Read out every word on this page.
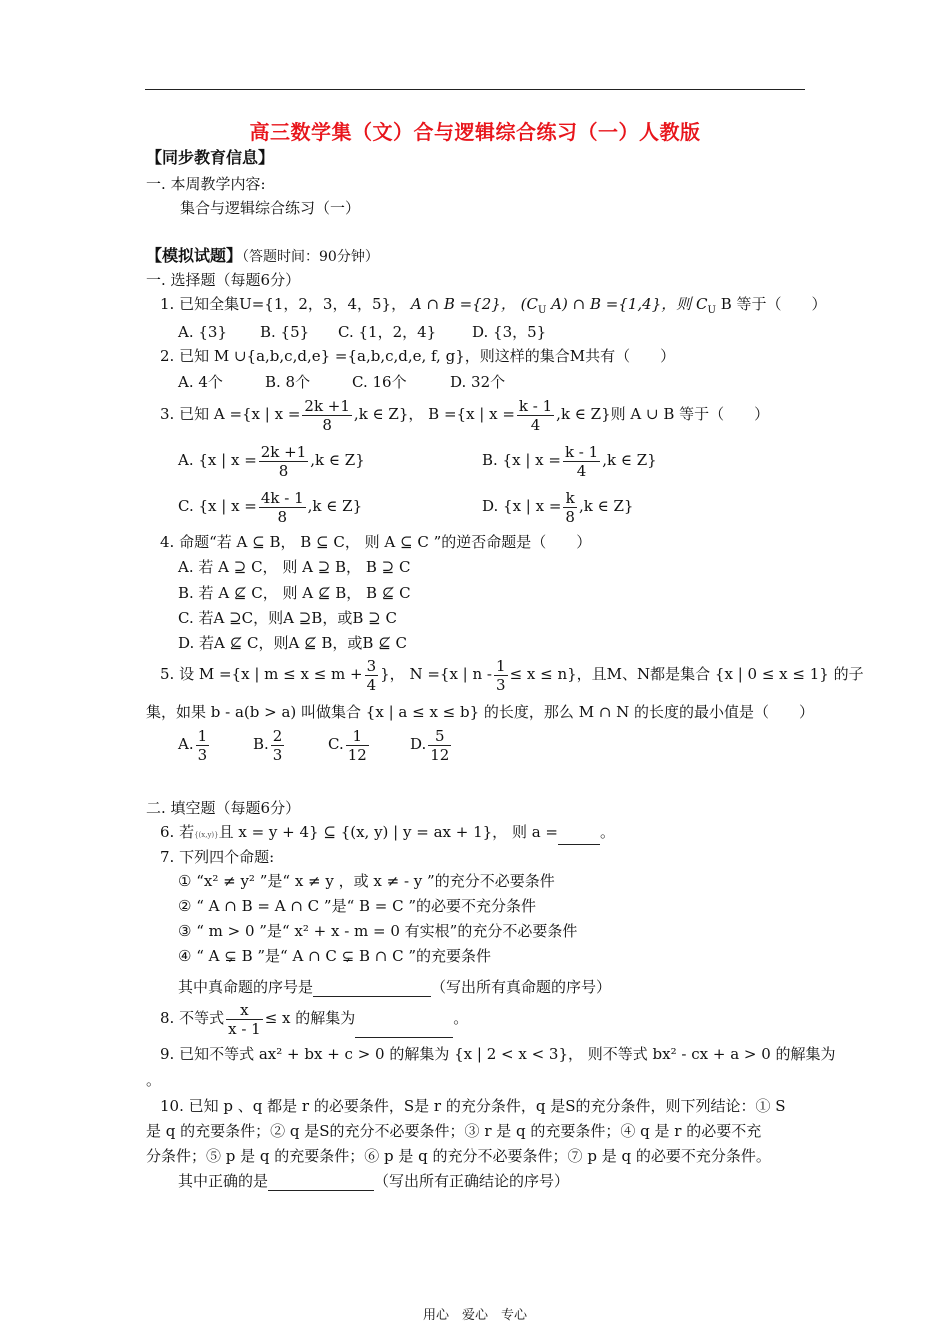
高三数学集（文）合与逻辑综合练习（一）人教版
【同步教育信息】
一. 本周教学内容:
集合与逻辑综合练习（一）
【模拟试题】（答题时间：90分钟）
一. 选择题（每题6分）
1. 已知全集U={1，2，3，4，5}， A ∩ B ={2}， ($C_U$ A) ∩ B ={1,4}，则 $C_U$ B 等于（　　）
A. {3} B. {5} C. {1，2，4} D. {3，5}
2. 已知 M ∪{a,b,c,d,e} ={a,b,c,d,e, f, g}，则这样的集合M共有（　　）
A. 4个	B. 8个	C. 16个	D. 32个
3. 已知 A ={x | $x = \frac{2k +1}{8} ,k$ ∈ Z}， B ={x | $x = \frac{k - 1}{4} ,k$ ∈ Z}则 A ∪ B 等于（　　）
A. {x | $x = \frac{2k +1}{8} ,k$ ∈ Z}	B. {x | $x = \frac{k - 1}{4} ,k$ ∈ Z}
C. {x | $x = \frac{4k - 1}{8} ,k$ ∈ Z}	D. {x | $x = \frac{k}{8} ,k$ ∈ Z}
4. 命题“若 A ⊆ B， B ⊆ C， 则 A ⊆ C ”的逆否命题是（　　）
A. 若 A ⊇ C， 则 A ⊇ B， B ⊇ C
B. 若 A ⊈ C， 则 A ⊈ B， B ⊈ C
C. 若A ⊇C，则A ⊇B，或B ⊇ C
D. 若A ⊈ C，则A ⊈ B，或B ⊈ C
5. 设 M ={x | $m \le x \le m + \frac{3}{4}$ }， N ={x | $n - \frac{1}{3} \le x \le n$}，且M、N都是集合 {x | 0 ≤ x ≤ 1} 的子
集，如果 b - a(b > a) 叫做集合 {x | a ≤ x ≤ b} 的长度，那么 M ∩ N 的长度的最小值是（　　）
A. $\frac{1}{3}$	B. $\frac{2}{3}$	C. $\frac{1}{12}$	D. $\frac{5}{12}$
二. 填空题（每题6分）
6. 若{(x,y)}且 x = y + 4} ⊆ {(x, y) | y = ax + 1}， 则 a =	。
7. 下列四个命题:
① “x² ≠ y² ”是“ x ≠ y ，或 x ≠ - y ”的充分不必要条件
② “ A ∩ B = A ∩ C ”是“ B = C ”的必要不充分条件
③ “ m > 0 ”是“ x² + x - m = 0 有实根”的充分不必要条件
④ “ A ⊊ B ”是“ A ∩ C ⊊ B ∩ C ”的充要条件
其中真命题的序号是	（写出所有真命题的序号）
8. 不等式 $\frac{x}{x - 1} \le x$ 的解集为	。
9. 已知不等式 ax² + bx + c > 0 的解集为 {x | 2 < x < 3}， 则不等式 bx² - cx + a > 0 的解集为
。
10. 已知 p 、q 都是 r 的必要条件，S是 r 的充分条件，q 是S的充分条件，则下列结论：① S
是 q 的充要条件；② q 是S的充分不必要条件；③ r 是 q 的充要条件；④ q 是 r 的必要不充
分条件；⑤ p 是 q 的充要条件；⑥ p 是 q 的充分不必要条件；⑦ p 是 q 的必要不充分条件。
其中正确的是	（写出所有正确结论的序号）
用心　爱心　专心
